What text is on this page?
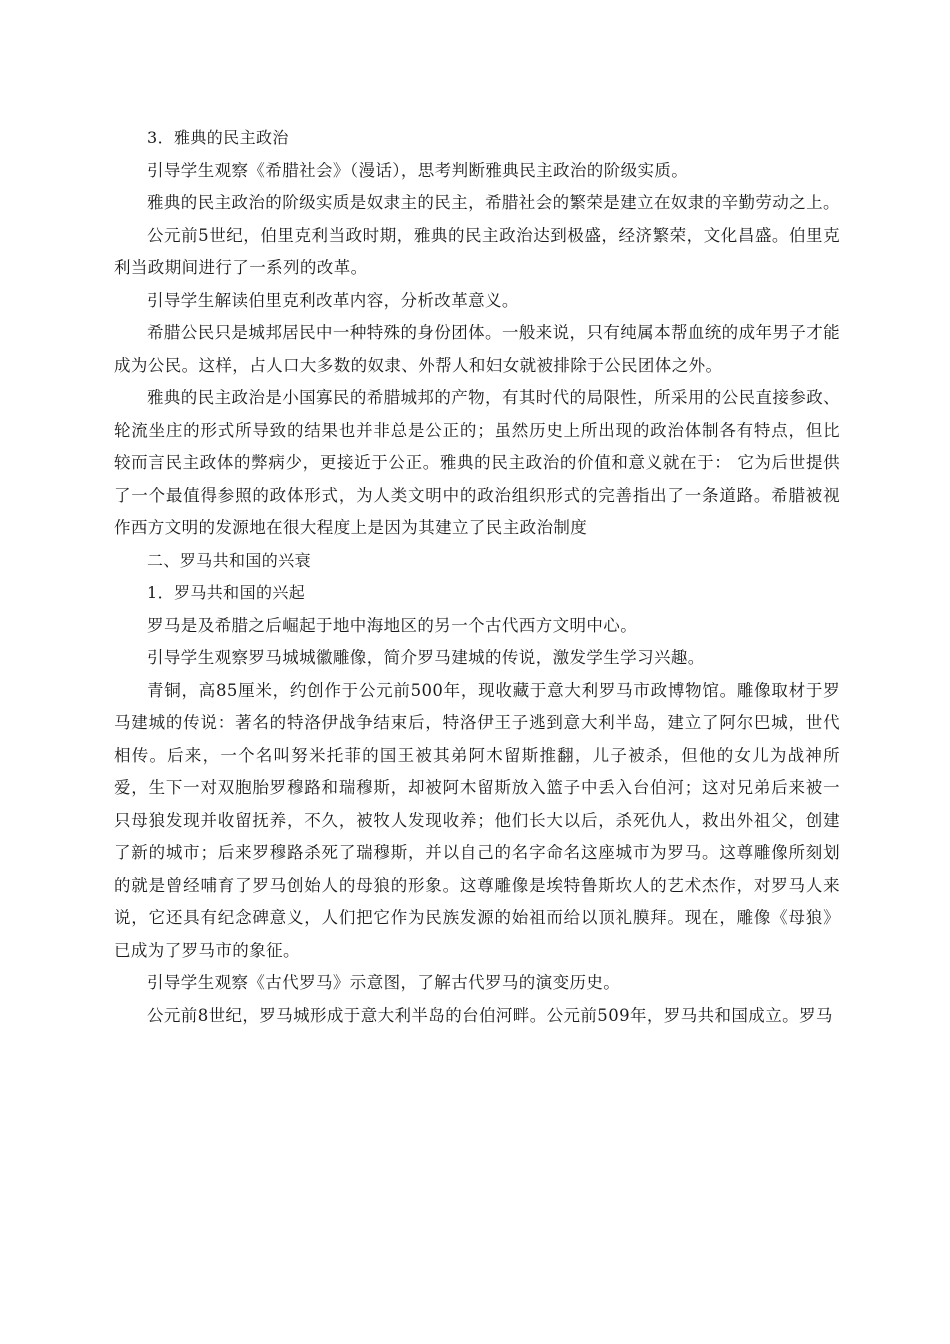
3．雅典的民主政治

引导学生观察《希腊社会》（漫话），思考判断雅典民主政治的阶级实质。

雅典的民主政治的阶级实质是奴隶主的民主，希腊社会的繁荣是建立在奴隶的辛勤劳动之上。

公元前5世纪，伯里克利当政时期，雅典的民主政治达到极盛，经济繁荣，文化昌盛。伯里克利当政期间进行了一系列的改革。

引导学生解读伯里克利改革内容，分析改革意义。

希腊公民只是城邦居民中一种特殊的身份团体。一般来说，只有纯属本帮血统的成年男子才能成为公民。这样，占人口大多数的奴隶、外帮人和妇女就被排除于公民团体之外。

雅典的民主政治是小国寡民的希腊城邦的产物，有其时代的局限性，所采用的公民直接参政、轮流坐庄的形式所导致的结果也并非总是公正的；虽然历史上所出现的政治体制各有特点，但比较而言民主政体的弊病少，更接近于公正。雅典的民主政治的价值和意义就在于： 它为后世提供了一个最值得参照的政体形式，为人类文明中的政治组织形式的完善指出了一条道路。希腊被视作西方文明的发源地在很大程度上是因为其建立了民主政治制度

二、罗马共和国的兴衰

1．罗马共和国的兴起

罗马是及希腊之后崛起于地中海地区的另一个古代西方文明中心。

引导学生观察罗马城城徽雕像，简介罗马建城的传说，激发学生学习兴趣。

青铜，高85厘米，约创作于公元前500年，现收藏于意大利罗马市政博物馆。雕像取材于罗马建城的传说：著名的特洛伊战争结束后，特洛伊王子逃到意大利半岛，建立了阿尔巴城，世代相传。后来，一个名叫努米托菲的国王被其弟阿木留斯推翻，儿子被杀，但他的女儿为战神所爱，生下一对双胞胎罗穆路和瑞穆斯，却被阿木留斯放入篮子中丢入台伯河；这对兄弟后来被一只母狼发现并收留抚养，不久，被牧人发现收养；他们长大以后，杀死仇人，救出外祖父，创建了新的城市；后来罗穆路杀死了瑞穆斯，并以自己的名字命名这座城市为罗马。这尊雕像所刻划的就是曾经哺育了罗马创始人的母狼的形象。这尊雕像是埃特鲁斯坎人的艺术杰作，对罗马人来说，它还具有纪念碑意义，人们把它作为民族发源的始祖而给以顶礼膜拜。现在，雕像《母狼》已成为了罗马市的象征。

引导学生观察《古代罗马》示意图，了解古代罗马的演变历史。

公元前8世纪，罗马城形成于意大利半岛的台伯河畔。公元前509年，罗马共和国成立。罗马
